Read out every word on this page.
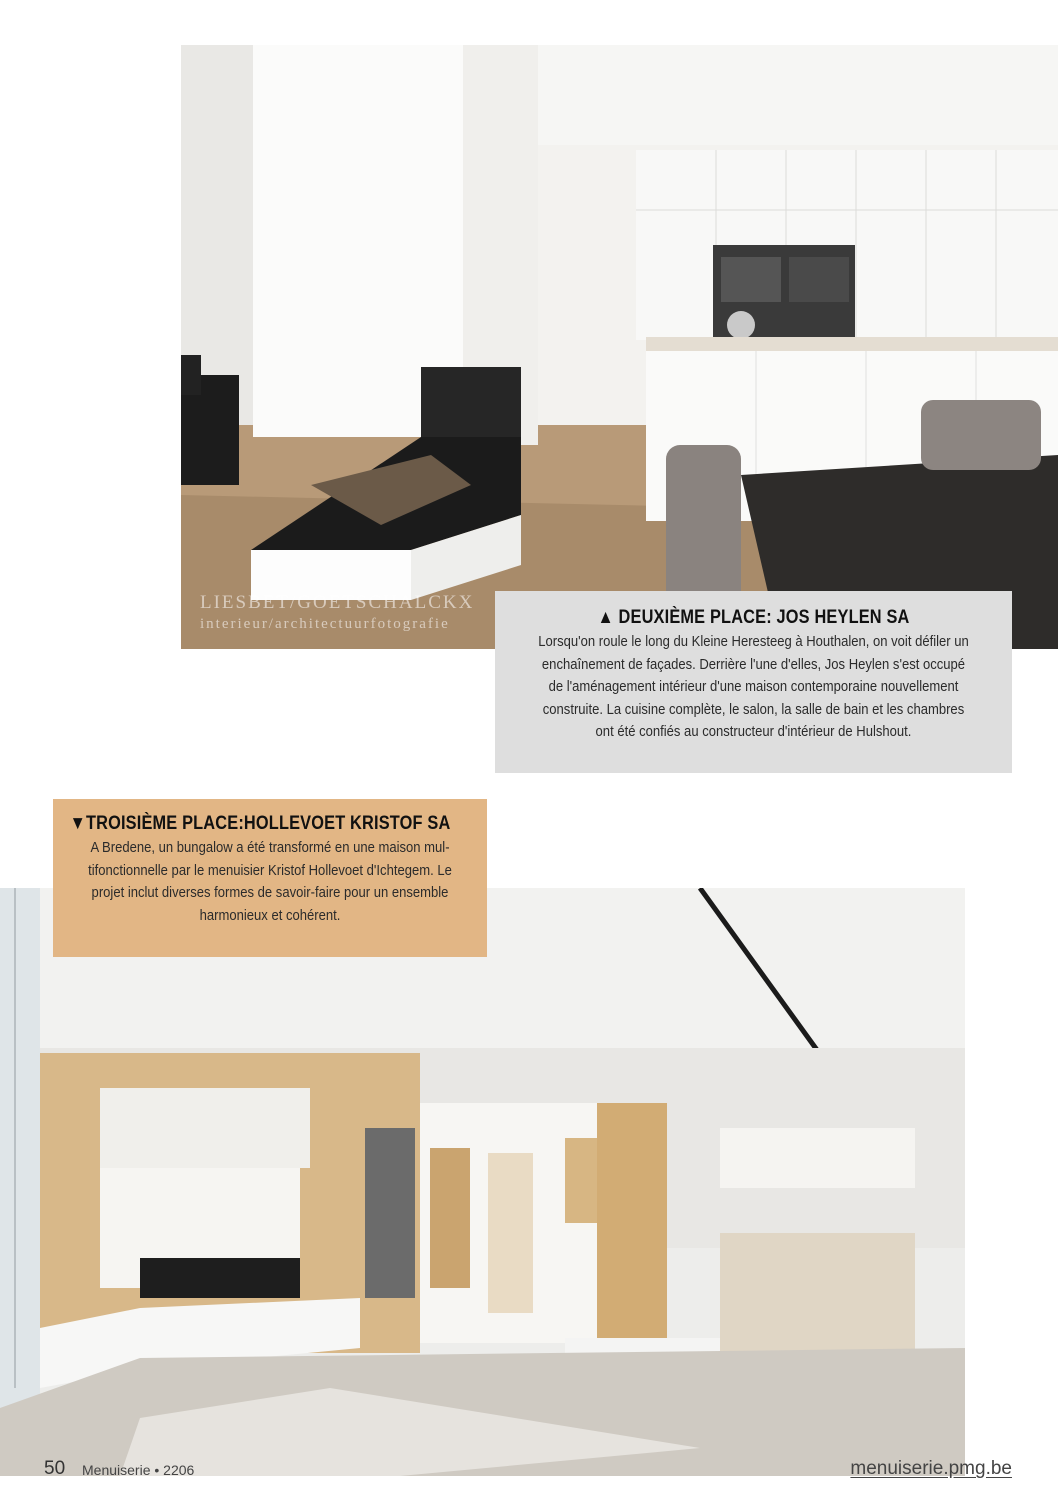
LIESBET/GOETSCHALCKX
interieur/architectuurfotografie	▲ DEUXIÈME PLACE: JOS HEYLEN SA
Lorsqu'on roule le long du Kleine Heresteeg à Houthalen, on voit défiler un
enchaînement de façades. Derrière l'une d'elles, Jos Heylen s'est occupé
de l'aménagement intérieur d'une maison contemporaine nouvellement
construite. La cuisine complète, le salon, la salle de bain et les chambres
ont été confiés au constructeur d'intérieur de Hulshout.
▼TROISIÈME PLACE:HOLLEVOET KRISTOF SA
A Bredene, un bungalow a été transformé en une maison mul-
tifonctionnelle par le menuisier Kristof Hollevoet d'Ichtegem. Le
projet inclut diverses formes de savoir-faire pour un ensemble
harmonieux et cohérent.
50 Menuiserie • 2206	menuiserie.pmg.be
